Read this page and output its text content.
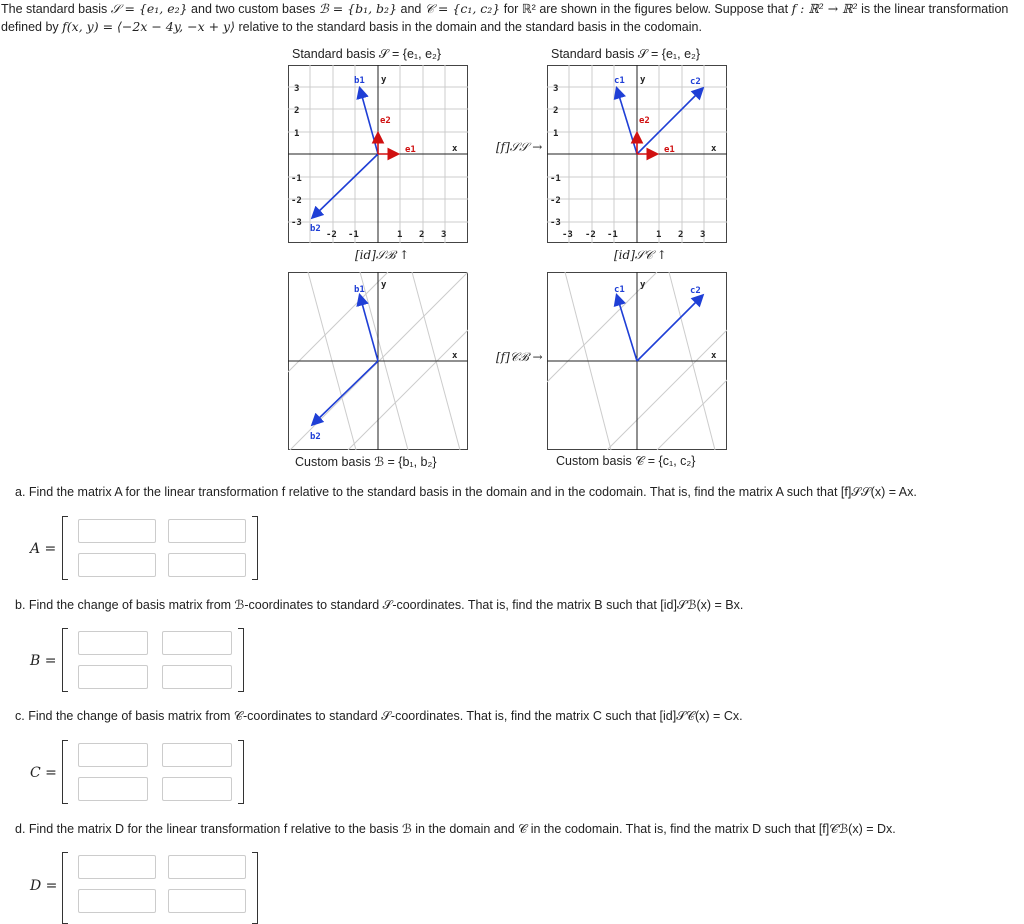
The standard basis 𝒮 = {e₁, e₂} and two custom bases ℬ = {b₁, b₂} and 𝒞 = {c₁, c₂} for ℝ² are shown in the figures below. Suppose that f : ℝ² → ℝ² is the linear transformation defined by f(x, y) = ⟨−2x − 4y, −x + y⟩ relative to the standard basis in the domain and the standard basis in the codomain.
Standard basis 𝒮 = {e₁, e₂}	Standard basis 𝒮 = {e₁, e₂}
b1 y
e2
e1	x
b2
3
2
1
-1
-2
-3
-2 -1	1 2 3
c1 y	c2
e2
e1	x
3
2
1
-1
-2
-3
-3 -2 -1	1 2 3
[f]𝒮𝒮 →
[f]𝒞ℬ →
[id]𝒮ℬ ↑	[id]𝒮𝒞 ↑
b1 y
x
b2
c1 y
c2
x
Custom basis ℬ = {b₁, b₂}	Custom basis 𝒞 = {c₁, c₂}
a. Find the matrix A for the linear transformation f relative to the standard basis in the domain and in the codomain. That is, find the matrix A such that [f]𝒮𝒮(x) = Ax.
A =
b. Find the change of basis matrix from ℬ-coordinates to standard 𝒮-coordinates. That is, find the matrix B such that [id]𝒮ℬ(x) = Bx.
B =
c. Find the change of basis matrix from 𝒞-coordinates to standard 𝒮-coordinates. That is, find the matrix C such that [id]𝒮𝒞(x) = Cx.
C =
d. Find the matrix D for the linear transformation f relative to the basis ℬ in the domain and 𝒞 in the codomain. That is, find the matrix D such that [f]𝒞ℬ(x) = Dx.
D =
